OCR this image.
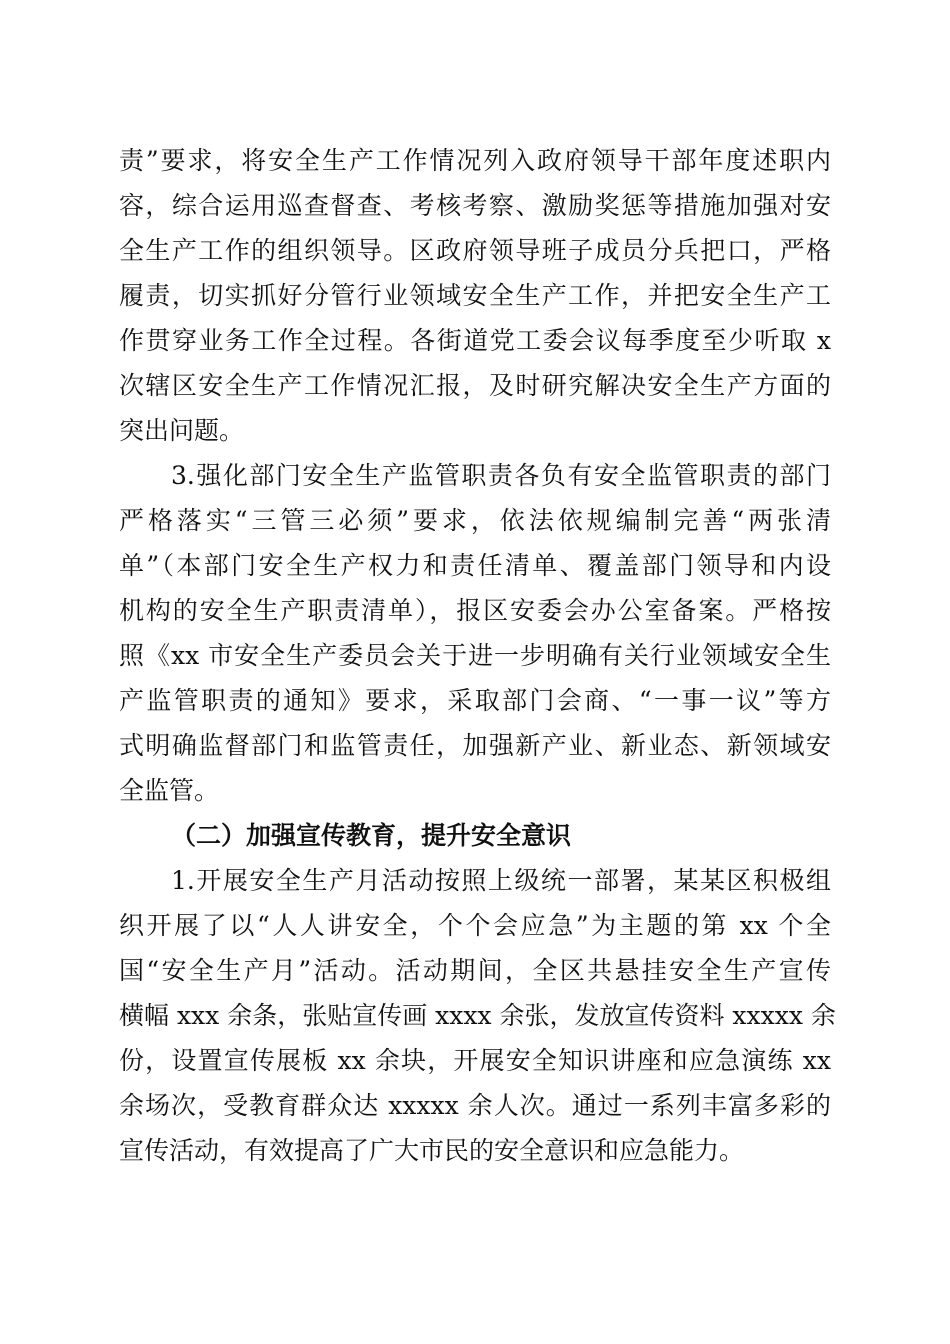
责”要求，将安全生产工作情况列入政府领导干部年度述职内
容，综合运用巡查督查、考核考察、激励奖惩等措施加强对安
全生产工作的组织领导。区政府领导班子成员分兵把口，严格
履责，切实抓好分管行业领域安全生产工作，并把安全生产工
作贯穿业务工作全过程。各街道党工委会议每季度至少听取 x
次辖区安全生产工作情况汇报，及时研究解决安全生产方面的
突出问题。
3.强化部门安全生产监管职责各负有安全监管职责的部门
严格落实“三管三必须”要求，依法依规编制完善“两张清
单”（本部门安全生产权力和责任清单、覆盖部门领导和内设
机构的安全生产职责清单），报区安委会办公室备案。严格按
照《xx 市安全生产委员会关于进一步明确有关行业领域安全生
产监管职责的通知》要求，采取部门会商、“一事一议”等方
式明确监督部门和监管责任，加强新产业、新业态、新领域安
全监管。
（二）加强宣传教育，提升安全意识
1.开展安全生产月活动按照上级统一部署，某某区积极组
织开展了以“人人讲安全，个个会应急”为主题的第 xx 个全
国“安全生产月”活动。活动期间，全区共悬挂安全生产宣传
横幅 xxx 余条，张贴宣传画 xxxx 余张，发放宣传资料 xxxxx 余
份，设置宣传展板 xx 余块，开展安全知识讲座和应急演练 xx
余场次，受教育群众达 xxxxx 余人次。通过一系列丰富多彩的
宣传活动，有效提高了广大市民的安全意识和应急能力。
